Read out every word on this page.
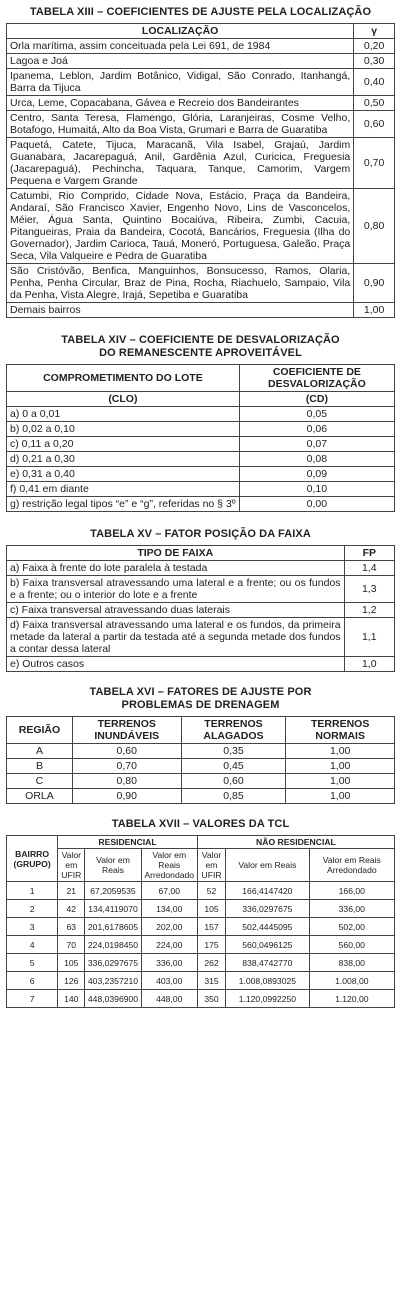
TABELA XIII – COEFICIENTES DE AJUSTE PELA LOCALIZAÇÃO

LOCALIZAÇÃO	γ
Orla marítima, assim conceituada pela Lei 691, de 1984	0,20
Lagoa e Joá	0,30
Ipanema, Leblon, Jardim Botânico, Vidigal, São Conrado, Itanhangá, Barra da Tijuca	0,40
Urca, Leme, Copacabana, Gávea e Recreio dos Bandeirantes	0,50
Centro, Santa Teresa, Flamengo, Glória, Laranjeiras, Cosme Velho, Botafogo, Humaitá, Alto da Boa Vista, Grumari e Barra de Guaratiba	0,60
Paquetá, Catete, Tijuca, Maracanã, Vila Isabel, Grajaú, Jardim Guanabara, Jacarepaguá, Anil, Gardênia Azul, Curicica, Freguesia (Jacarepaguá), Pechincha, Taquara, Tanque, Camorim, Vargem Pequena e Vargem Grande	0,70
Catumbi, Rio Comprido, Cidade Nova, Estácio, Praça da Bandeira, Andaraí, São Francisco Xavier, Engenho Novo, Lins de Vasconcelos, Méier, Água Santa, Quintino Bocaiúva, Ribeira, Zumbi, Cacuia, Pitangueiras, Praia da Bandeira, Cocotá, Bancários, Freguesia (Ilha do Governador), Jardim Carioca, Tauá, Moneró, Portuguesa, Galeão, Praça Seca, Vila Valqueire e Pedra de Guaratiba	0,80
São Cristóvão, Benfica, Manguinhos, Bonsucesso, Ramos, Olaria, Penha, Penha Circular, Braz de Pina, Rocha, Riachuelo, Sampaio, Vila da Penha, Vista Alegre, Irajá, Sepetiba e Guaratiba	0,90
Demais bairros	1,00

TABELA XIV – COEFICIENTE DE DESVALORIZAÇÃO

DO REMANESCENTE APROVEITÁVEL

COMPROMETIMENTO DO LOTE	COEFICIENTE DE DESVALORIZAÇÃO
(CLO)	(CD)
a) 0 a 0,01	0,05
b) 0,02 a 0,10	0,06
c) 0,11 a 0,20	0,07
d) 0,21 a 0,30	0,08
e) 0,31 a 0,40	0,09
f) 0,41 em diante	0,10
g) restrição legal tipos “e” e “g”, referidas no § 3º	0,00

TABELA XV – FATOR POSIÇÃO DA FAIXA

TIPO DE FAIXA	FP
a) Faixa à frente do lote paralela à testada	1,4
b) Faixa transversal atravessando uma lateral e a frente; ou os fundos e a frente; ou o interior do lote e a frente	1,3
c) Faixa transversal atravessando duas laterais	1,2
d) Faixa transversal atravessando uma lateral e os fundos, da primeira metade da lateral a partir da testada até a segunda metade dos fundos a contar dessa lateral	1,1
e) Outros casos	1,0

TABELA XVI – FATORES DE AJUSTE POR

PROBLEMAS DE DRENAGEM

REGIÃO	TERRENOS INUNDÁVEIS	TERRENOS ALAGADOS	TERRENOS NORMAIS
A	0,60	0,35	1,00
B	0,70	0,45	1,00
C	0,80	0,60	1,00
ORLA	0,90	0,85	1,00

TABELA XVII – VALORES DA TCL

BAIRRO (GRUPO)	RESIDENCIAL			NÃO RESIDENCIAL		
	Valor em UFIR	Valor em Reais	Valor em Reais Arredondado	Valor em UFIR	Valor em Reais	Valor em Reais Arredondado
1	21	67,2059535	67,00	52	166,4147420	166,00
2	42	134,4119070	134,00	105	336,0297675	336,00
3	63	201,6178605	202,00	157	502,4445095	502,00
4	70	224,0198450	224,00	175	560,0496125	560,00
5	105	336,0297675	336,00	262	838,4742770	838,00
6	126	403,2357210	403,00	315	1.008,0893025	1.008,00
7	140	448,0396900	448,00	350	1.120,0992250	1.120,00
